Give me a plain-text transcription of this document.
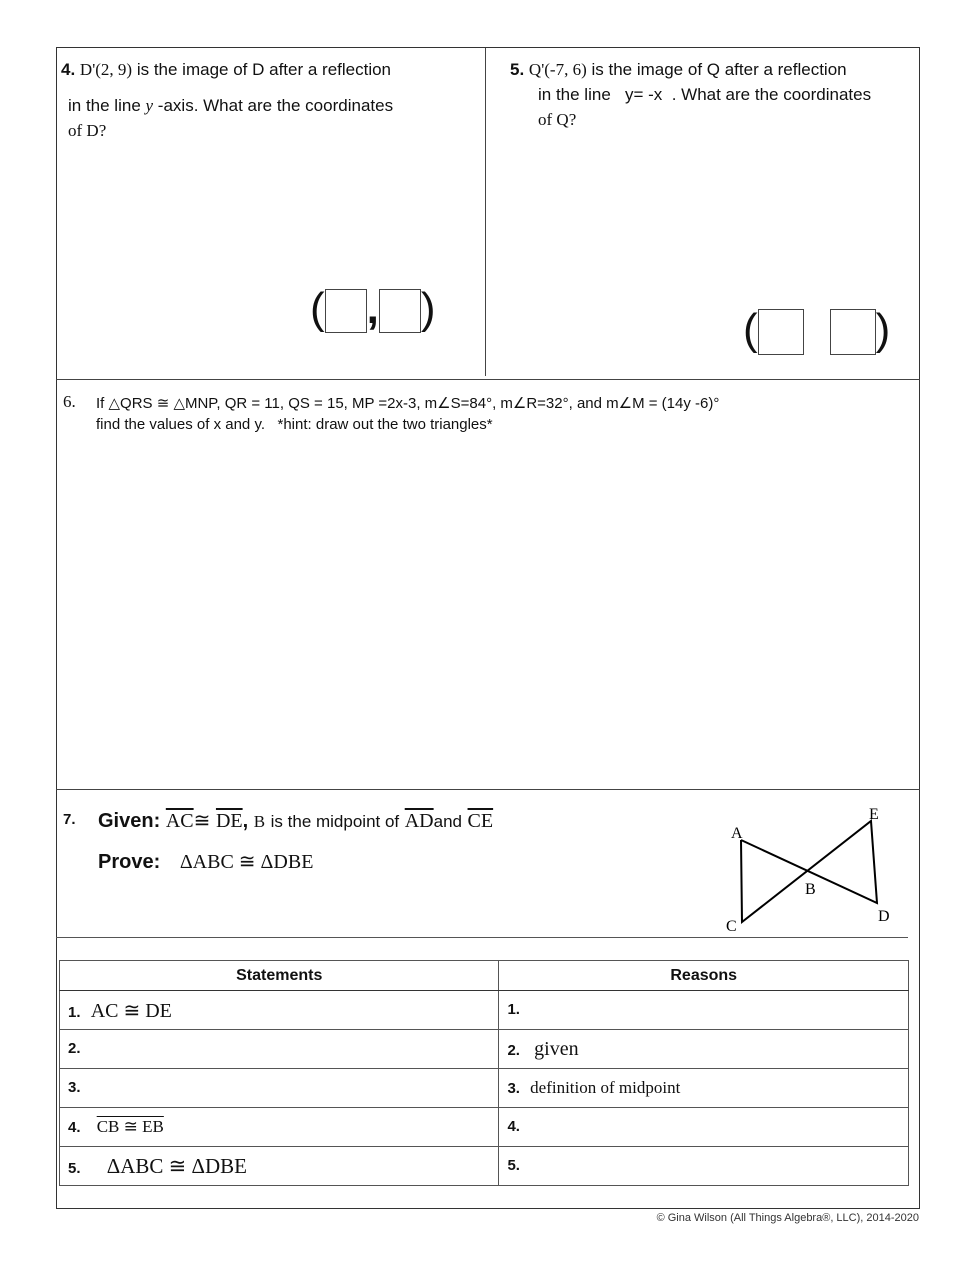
4. D'(2, 9) is the image of D after a reflection
in the line y -axis. What are the coordinates
of D?
( , )
5. Q'(-7, 6) is the image of Q after a reflection
in the line   y= -x  . What are the coordinates
of Q?
(	)
6. If △QRS ≅ △MNP, QR = 11, QS = 15, MP =2x-3, m∠S=84°, m∠R=32°, and m∠M = (14y -6)°
find the values of x and y.   *hint: draw out the two triangles*
7. Given: $\overline{AC}≅$ $\overline{DE}$, B is the midpoint of $\overline{AD}and$ $\overline{CE}$
Prove: ΔABC ≅ ΔDBE
A
E
B
D
C
Statements	Reasons
1. AC ≅ DE	1.
2.	2. given
3.	3. definition of midpoint
4. CB ≅ EB	4.
5. ΔABC ≅ ΔDBE	5.
© Gina Wilson (All Things Algebra®, LLC), 2014-2020
